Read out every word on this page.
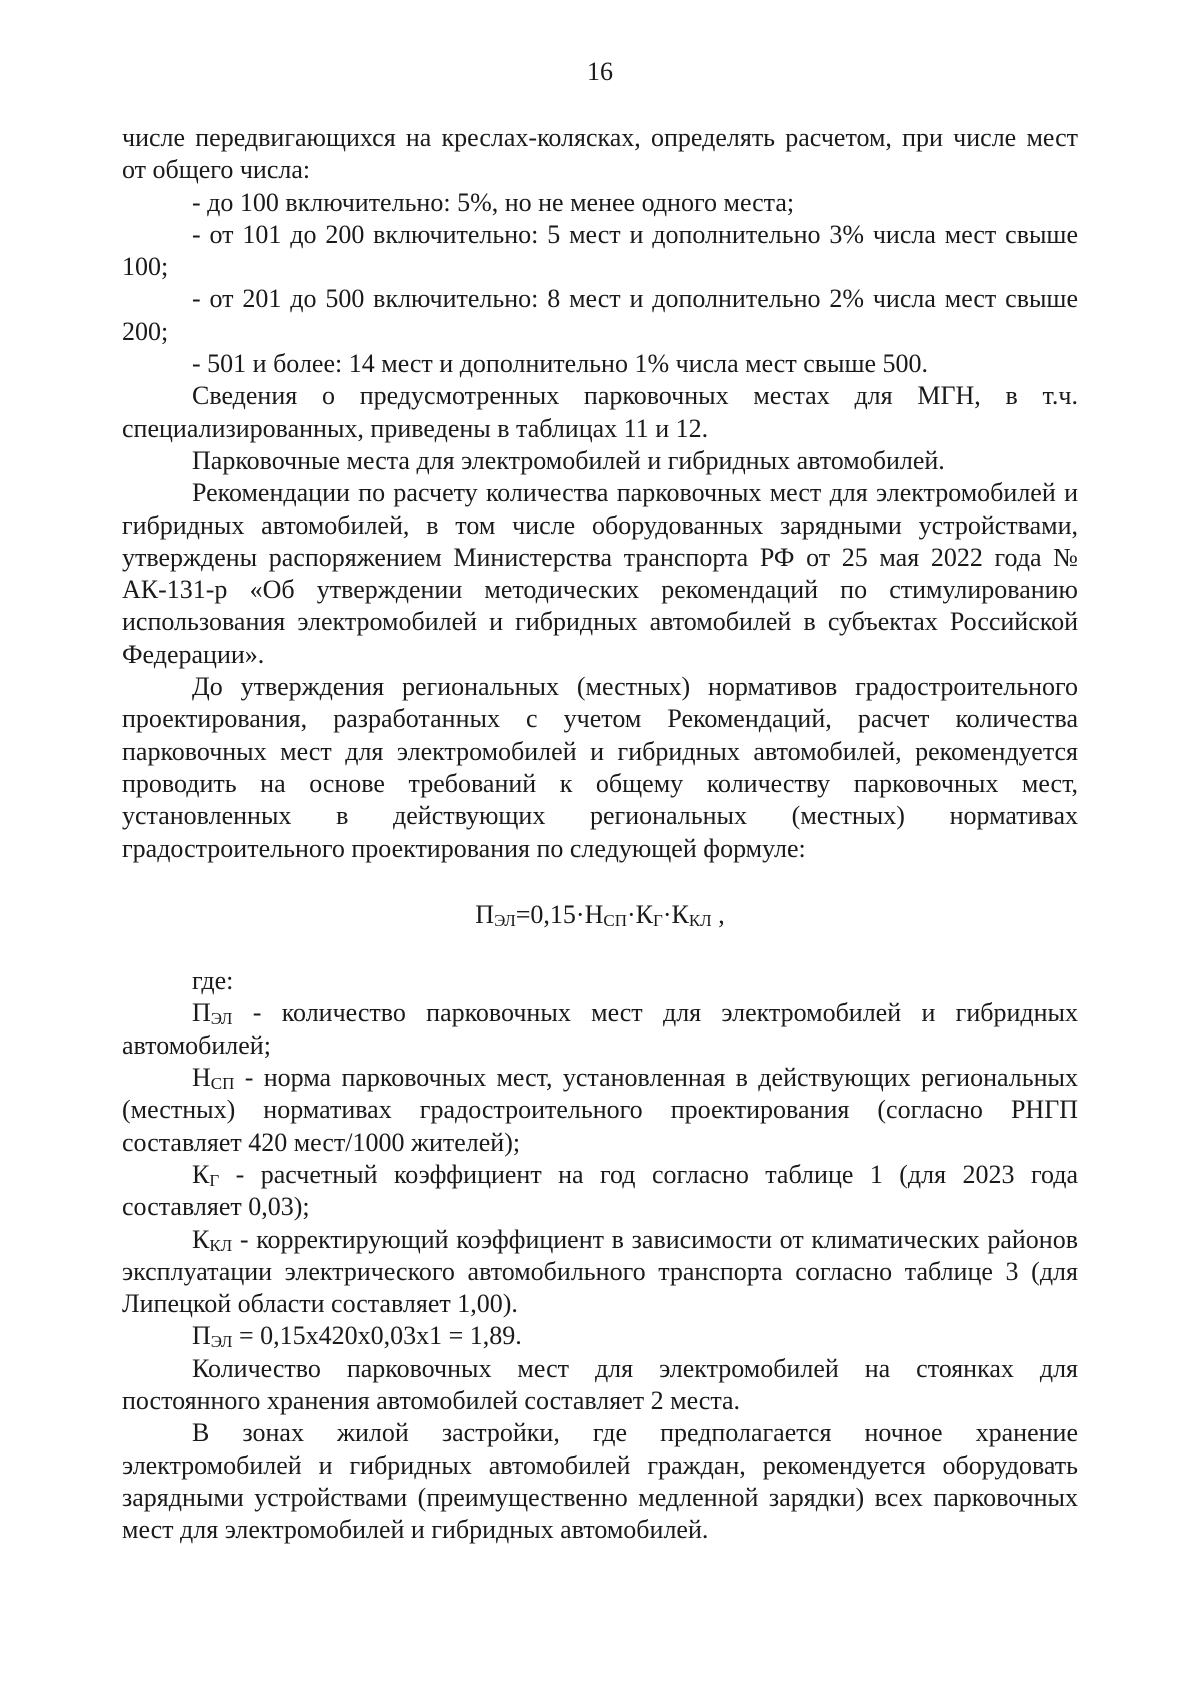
16

числе передвигающихся на креслах-колясках, определять расчетом, при числе мест от общего числа:

- до 100 включительно: 5%, но не менее одного места;

- от 101 до 200 включительно: 5 мест и дополнительно 3% числа мест свыше 100;

- от 201 до 500 включительно: 8 мест и дополнительно 2% числа мест свыше 200;

- 501 и более: 14 мест и дополнительно 1% числа мест свыше 500.

Сведения о предусмотренных парковочных местах для МГН, в т.ч. специализированных, приведены в таблицах 11 и 12.

Парковочные места для электромобилей и гибридных автомобилей.

Рекомендации по расчету количества парковочных мест для электромобилей и гибридных автомобилей, в том числе оборудованных зарядными устройствами, утверждены распоряжением Министерства транспорта РФ от 25 мая 2022 года № АК-131-р «Об утверждении методических рекомендаций по стимулированию использования электромобилей и гибридных автомобилей в субъектах Российской Федерации».

До утверждения региональных (местных) нормативов градостроительного проектирования, разработанных с учетом Рекомендаций, расчет количества парковочных мест для электромобилей и гибридных автомобилей, рекомендуется проводить на основе требований к общему количеству парковочных мест, установленных в действующих региональных (местных) нормативах градостроительного проектирования по следующей формуле:

$П_{ЭЛ}=0,15\cdot Н_{СП}\cdot К_Г\cdot К_{КЛ}$ ,

где:

$П_{ЭЛ}$ - количество парковочных мест для электромобилей и гибридных автомобилей;

$Н_{СП}$ - норма парковочных мест, установленная в действующих региональных (местных) нормативах градостроительного проектирования (согласно РНГП составляет 420 мест/1000 жителей);

$К_Г$ - расчетный коэффициент на год согласно таблице 1 (для 2023 года составляет 0,03);

$К_{КЛ}$ - корректирующий коэффициент в зависимости от климатических районов эксплуатации электрического автомобильного транспорта согласно таблице 3 (для Липецкой области составляет 1,00).

$П_{ЭЛ} = 0,15х420х0,03х1 = 1,89$.

Количество парковочных мест для электромобилей на стоянках для постоянного хранения автомобилей составляет 2 места.

В зонах жилой застройки, где предполагается ночное хранение электромобилей и гибридных автомобилей граждан, рекомендуется оборудовать зарядными устройствами (преимущественно медленной зарядки) всех парковочных мест для электромобилей и гибридных автомобилей.
